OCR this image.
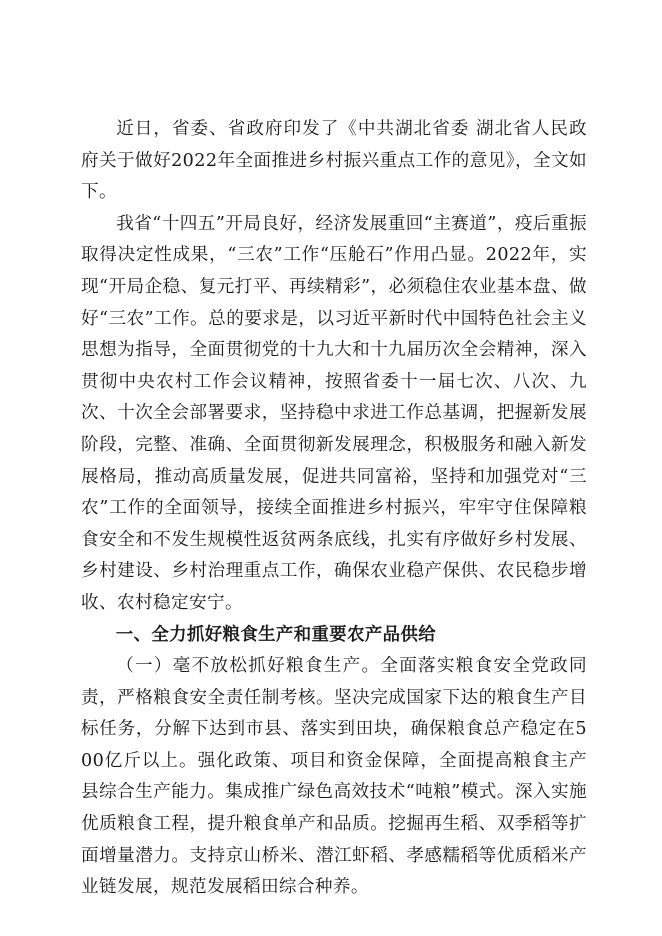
近日，省委、省政府印发了《中共湖北省委 湖北省人民政府关于做好2022年全面推进乡村振兴重点工作的意见》，全文如下。

我省“十四五”开局良好，经济发展重回“主赛道”，疫后重振取得决定性成果，“三农”工作“压舱石”作用凸显。2022年，实现“开局企稳、复元打平、再续精彩”，必须稳住农业基本盘、做好“三农”工作。总的要求是，以习近平新时代中国特色社会主义思想为指导，全面贯彻党的十九大和十九届历次全会精神，深入贯彻中央农村工作会议精神，按照省委十一届七次、八次、九次、十次全会部署要求，坚持稳中求进工作总基调，把握新发展阶段，完整、准确、全面贯彻新发展理念，积极服务和融入新发展格局，推动高质量发展，促进共同富裕，坚持和加强党对“三农”工作的全面领导，接续全面推进乡村振兴，牢牢守住保障粮食安全和不发生规模性返贫两条底线，扎实有序做好乡村发展、乡村建设、乡村治理重点工作，确保农业稳产保供、农民稳步增收、农村稳定安宁。

一、全力抓好粮食生产和重要农产品供给

（一）毫不放松抓好粮食生产。全面落实粮食安全党政同责，严格粮食安全责任制考核。坚决完成国家下达的粮食生产目标任务，分解下达到市县、落实到田块，确保粮食总产稳定在500亿斤以上。强化政策、项目和资金保障，全面提高粮食主产县综合生产能力。集成推广绿色高效技术“吨粮”模式。深入实施优质粮食工程，提升粮食单产和品质。挖掘再生稻、双季稻等扩面增量潜力。支持京山桥米、潜江虾稻、孝感糯稻等优质稻米产业链发展，规范发展稻田综合种养。
